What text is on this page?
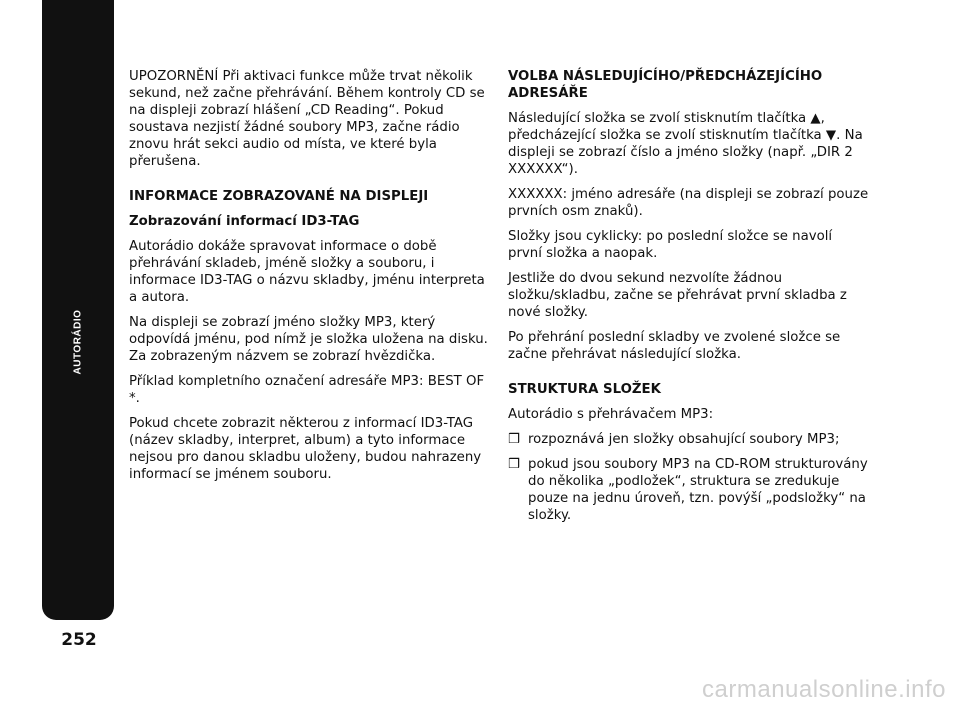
AUTORÁDIO
252

UPOZORNĚNÍ Při aktivaci funkce může trvat několik sekund, než začne přehrávání. Během kontroly CD se na displeji zobrazí hlášení „CD Reading“. Pokud soustava nezjistí žádné soubory MP3, začne rádio znovu hrát sekci audio od místa, ve které byla přerušena.

INFORMACE ZOBRAZOVANÉ NA DISPLEJI
Zobrazování informací ID3-TAG

Autorádio dokáže spravovat informace o době přehrávání skladeb, jméně složky a souboru, i informace ID3-TAG o názvu skladby, jménu interpreta a autora.

Na displeji se zobrazí jméno složky MP3, který odpovídá jménu, pod nímž je složka uložena na disku. Za zobrazeným názvem se zobrazí hvězdička.

Příklad kompletního označení adresáře MP3: BEST OF *.

Pokud chcete zobrazit některou z informací ID3-TAG (název skladby, interpret, album) a tyto informace nejsou pro danou skladbu uloženy, budou nahrazeny informací se jménem souboru.

VOLBA NÁSLEDUJÍCÍHO/PŘEDCHÁZEJÍCÍHO ADRESÁŘE

Následující složka se zvolí stisknutím tlačítka ▲, předcházející složka se zvolí stisknutím tlačítka ▼. Na displeji se zobrazí číslo a jméno složky (např. „DIR 2 XXXXXX“).

XXXXXX: jméno adresáře (na displeji se zobrazí pouze prvních osm znaků).

Složky jsou cyklicky: po poslední složce se navolí první složka a naopak.

Jestliže do dvou sekund nezvolíte žádnou složku/skladbu, začne se přehrávat první skladba z nové složky.

Po přehrání poslední skladby ve zvolené složce se začne přehrávat následující složka.

STRUKTURA SLOŽEK

Autorádio s přehrávačem MP3:

❒ rozpoznává jen složky obsahující soubory MP3;
❒ pokud jsou soubory MP3 na CD-ROM strukturovány do několika „podložek“, struktura se zredukuje pouze na jednu úroveň, tzn. povýší „podsložky“ na složky.
carmanualsonline.info
